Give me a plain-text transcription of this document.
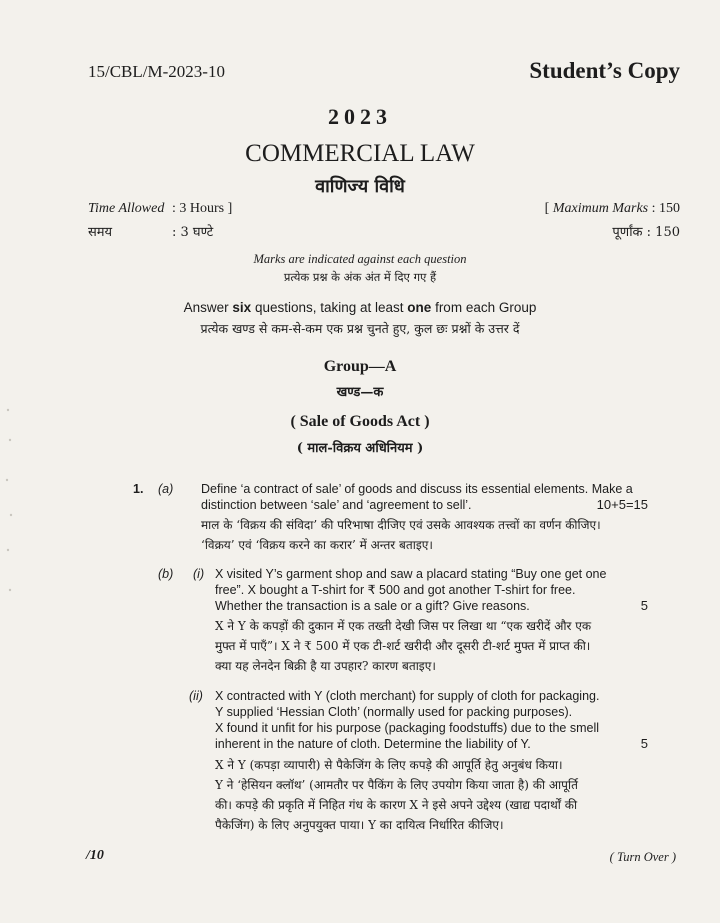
15/CBL/M-2023-10	Student’s Copy
2023
COMMERCIAL LAW
वाणिज्य विधि
Time Allowed : 3 Hours ]
समय	: 3 घण्टे
[ Maximum Marks : 150
पूर्णांक : 150
Marks are indicated against each question
प्रत्येक प्रश्न के अंक अंत में दिए गए हैं
Answer six questions, taking at least one from each Group
प्रत्येक खण्ड से कम-से-कम एक प्रश्न चुनते हुए, कुल छः प्रश्नों के उत्तर दें
Group—A
खण्ड—क
( Sale of Goods Act )
( माल-विक्रय अधिनियम )
1. (a) Define ‘a contract of sale’ of goods and discuss its essential elements. Make a
distinction between ‘sale’ and ‘agreement to sell’.	10+5=15
माल के ‘विक्रय की संविदा’ की परिभाषा दीजिए एवं उसके आवश्यक तत्त्वों का वर्णन कीजिए।
‘विक्रय’ एवं ‘विक्रय करने का करार’ में अन्तर बताइए।
(b) (i) X visited Y’s garment shop and saw a placard stating “Buy one get one
free”. X bought a T-shirt for ₹ 500 and got another T-shirt for free.
Whether the transaction is a sale or a gift? Give reasons.	5
X ने Y के कपड़ों की दुकान में एक तख्ती देखी जिस पर लिखा था “एक खरीदें और एक
मुफ्त में पाएँ”। X ने ₹ 500 में एक टी-शर्ट खरीदी और दूसरी टी-शर्ट मुफ्त में प्राप्त की।
क्या यह लेनदेन बिक्री है या उपहार? कारण बताइए।
(ii) X contracted with Y (cloth merchant) for supply of cloth for packaging.
Y supplied ‘Hessian Cloth’ (normally used for packing purposes).
X found it unfit for his purpose (packaging foodstuffs) due to the smell
inherent in the nature of cloth. Determine the liability of Y.	5
X ने Y (कपड़ा व्यापारी) से पैकेजिंग के लिए कपड़े की आपूर्ति हेतु अनुबंध किया।
Y ने ‘हेसियन क्लॉथ’ (आमतौर पर पैकिंग के लिए उपयोग किया जाता है) की आपूर्ति
की। कपड़े की प्रकृति में निहित गंध के कारण X ने इसे अपने उद्देश्य (खाद्य पदार्थों की
पैकेजिंग) के लिए अनुपयुक्त पाया। Y का दायित्व निर्धारित कीजिए।
/10	( Turn Over )
